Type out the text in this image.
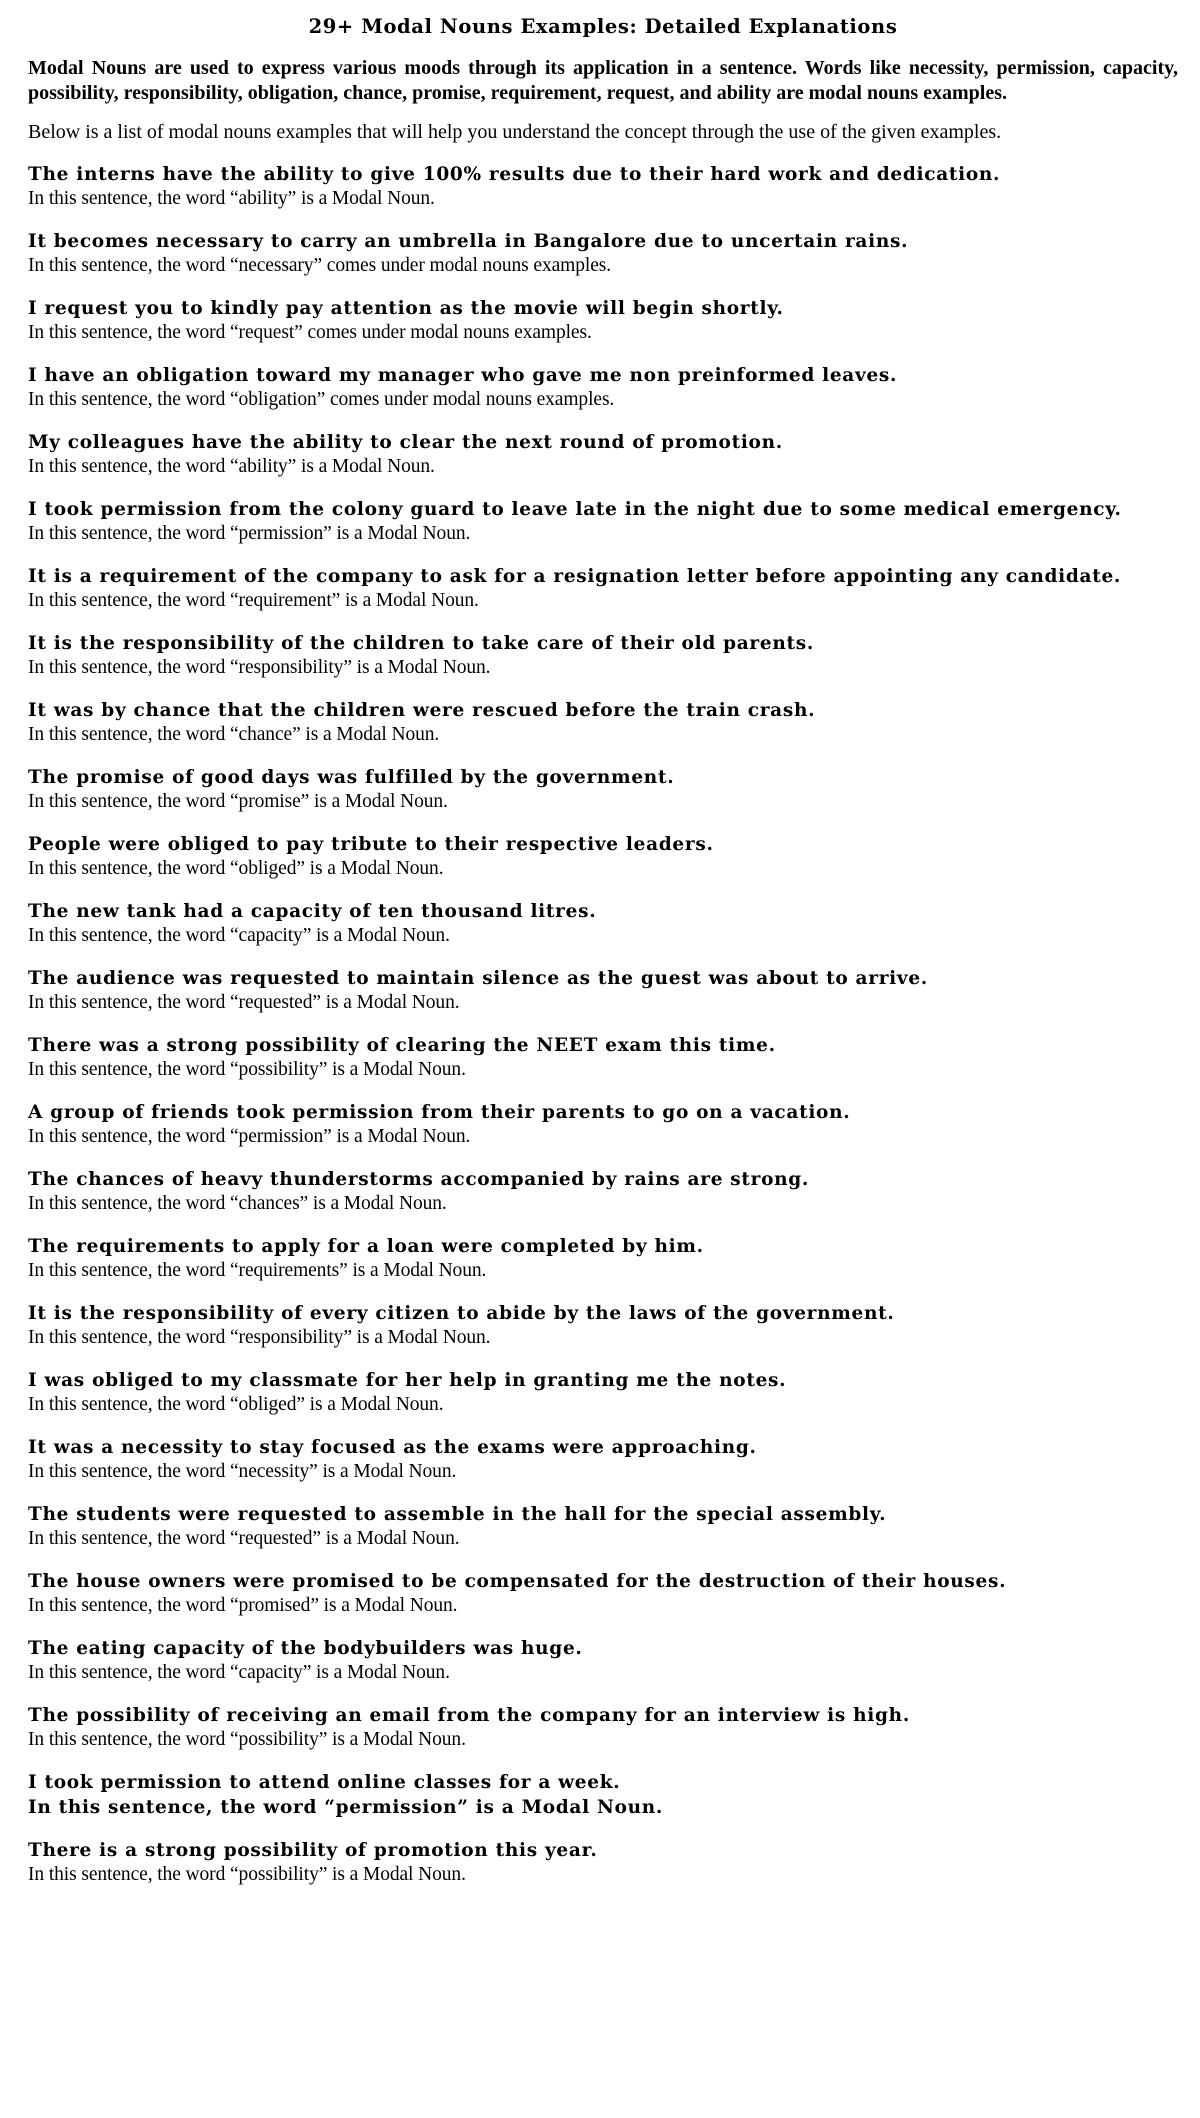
29+ Modal Nouns Examples: Detailed Explanations
Modal Nouns are used to express various moods through its application in a sentence. Words like necessity, permission, capacity, possibility, responsibility, obligation, chance, promise, requirement, request, and ability are modal nouns examples.
Below is a list of modal nouns examples that will help you understand the concept through the use of the given examples.
The interns have the ability to give 100% results due to their hard work and dedication.
In this sentence, the word “ability” is a Modal Noun.
It becomes necessary to carry an umbrella in Bangalore due to uncertain rains.
In this sentence, the word “necessary” comes under modal nouns examples.
I request you to kindly pay attention as the movie will begin shortly.
In this sentence, the word “request” comes under modal nouns examples.
I have an obligation toward my manager who gave me non preinformed leaves.
In this sentence, the word “obligation” comes under modal nouns examples.
My colleagues have the ability to clear the next round of promotion.
In this sentence, the word “ability” is a Modal Noun.
I took permission from the colony guard to leave late in the night due to some medical emergency.
In this sentence, the word “permission” is a Modal Noun.
It is a requirement of the company to ask for a resignation letter before appointing any candidate.
In this sentence, the word “requirement” is a Modal Noun.
It is the responsibility of the children to take care of their old parents.
In this sentence, the word “responsibility” is a Modal Noun.
It was by chance that the children were rescued before the train crash.
In this sentence, the word “chance” is a Modal Noun.
The promise of good days was fulfilled by the government.
In this sentence, the word “promise” is a Modal Noun.
People were obliged to pay tribute to their respective leaders.
In this sentence, the word “obliged” is a Modal Noun.
The new tank had a capacity of ten thousand litres.
In this sentence, the word “capacity” is a Modal Noun.
The audience was requested to maintain silence as the guest was about to arrive.
In this sentence, the word “requested” is a Modal Noun.
There was a strong possibility of clearing the NEET exam this time.
In this sentence, the word “possibility” is a Modal Noun.
A group of friends took permission from their parents to go on a vacation.
In this sentence, the word “permission” is a Modal Noun.
The chances of heavy thunderstorms accompanied by rains are strong.
In this sentence, the word “chances” is a Modal Noun.
The requirements to apply for a loan were completed by him.
In this sentence, the word “requirements” is a Modal Noun.
It is the responsibility of every citizen to abide by the laws of the government.
In this sentence, the word “responsibility” is a Modal Noun.
I was obliged to my classmate for her help in granting me the notes.
In this sentence, the word “obliged” is a Modal Noun.
It was a necessity to stay focused as the exams were approaching.
In this sentence, the word “necessity” is a Modal Noun.
The students were requested to assemble in the hall for the special assembly.
In this sentence, the word “requested” is a Modal Noun.
The house owners were promised to be compensated for the destruction of their houses.
In this sentence, the word “promised” is a Modal Noun.
The eating capacity of the bodybuilders was huge.
In this sentence, the word “capacity” is a Modal Noun.
The possibility of receiving an email from the company for an interview is high.
In this sentence, the word “possibility” is a Modal Noun.
I took permission to attend online classes for a week.
In this sentence, the word “permission” is a Modal Noun.
There is a strong possibility of promotion this year.
In this sentence, the word “possibility” is a Modal Noun.
